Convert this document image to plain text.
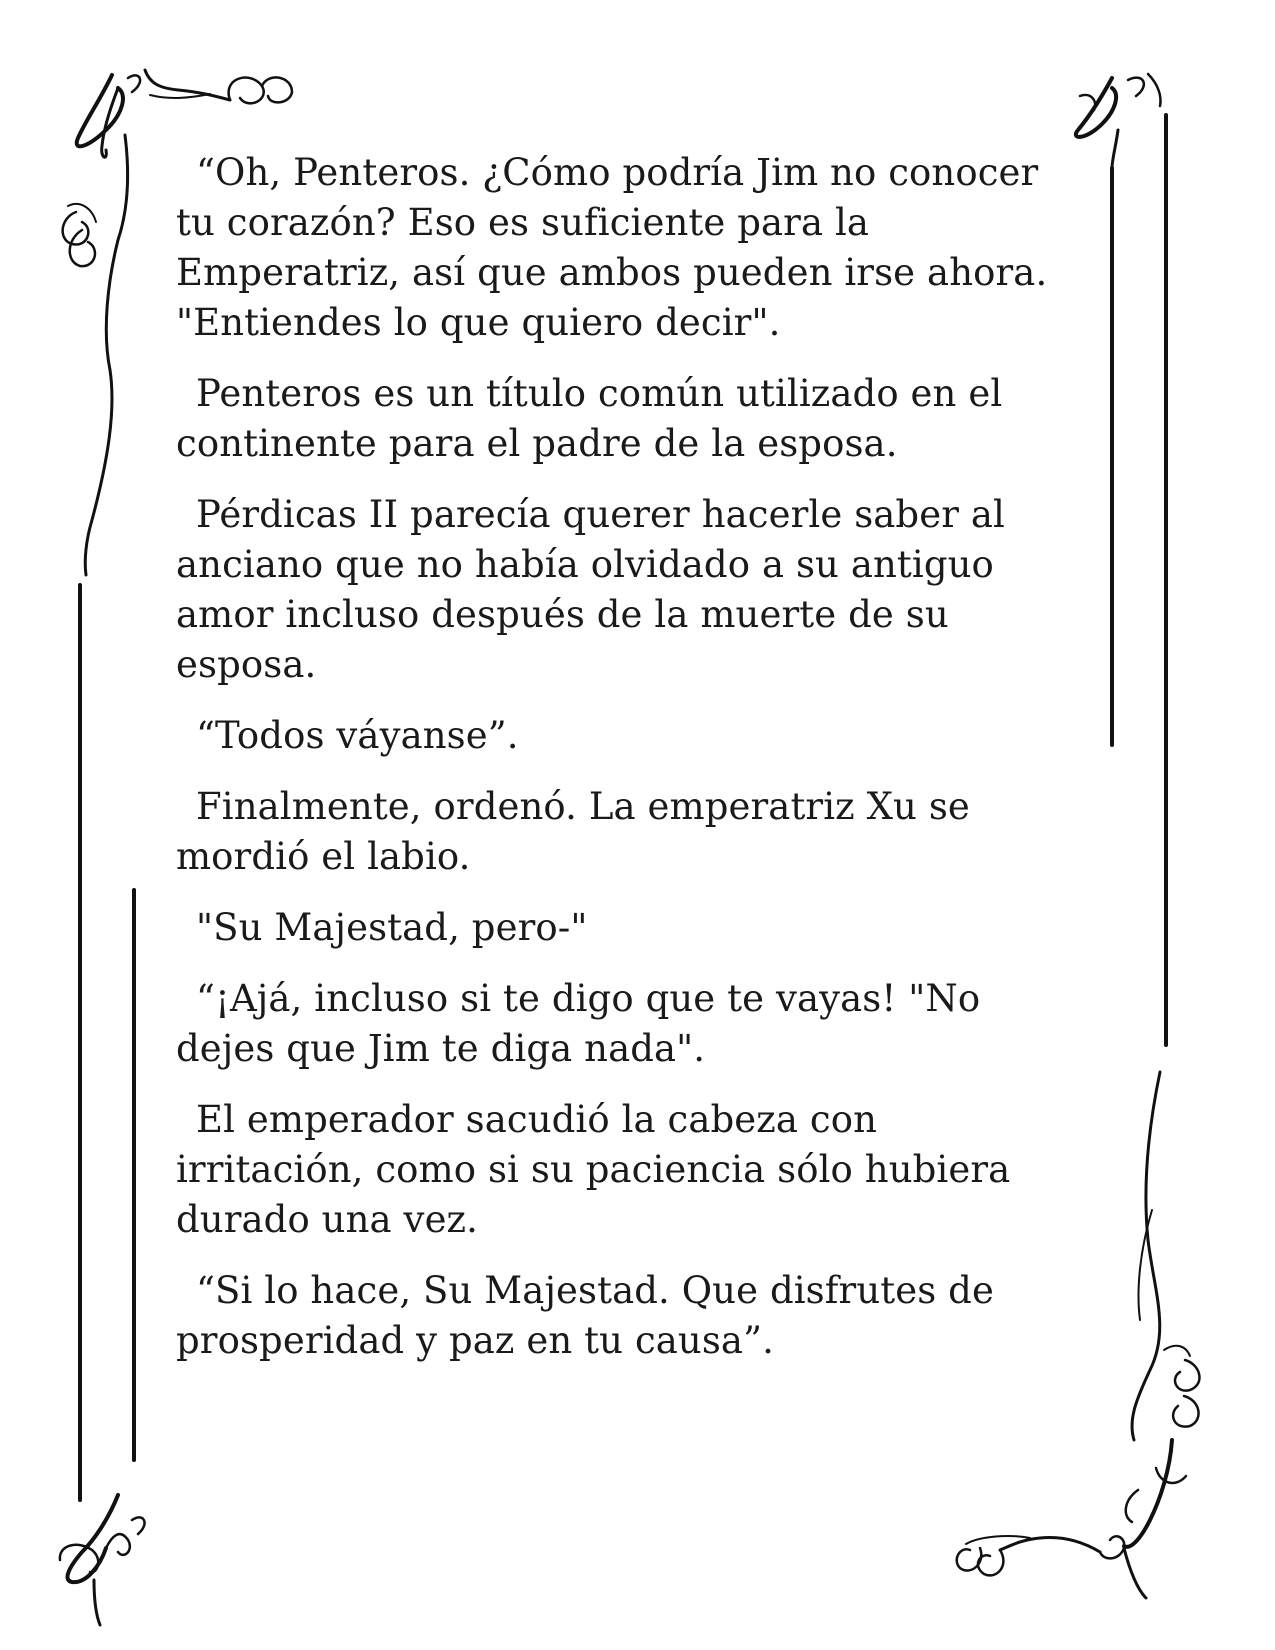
“Oh, Penteros. ¿Cómo podría Jim no conocer
tu corazón? Eso es suficiente para la
Emperatriz, así que ambos pueden irse ahora.
"Entiendes lo que quiero decir".

Penteros es un título común utilizado en el
continente para el padre de la esposa.

Pérdicas II parecía querer hacerle saber al
anciano que no había olvidado a su antiguo
amor incluso después de la muerte de su
esposa.

“Todos váyanse”.

Finalmente, ordenó. La emperatriz Xu se
mordió el labio.

"Su Majestad, pero-"

“¡Ajá, incluso si te digo que te vayas! "No
dejes que Jim te diga nada".

El emperador sacudió la cabeza con
irritación, como si su paciencia sólo hubiera
durado una vez.

“Si lo hace, Su Majestad. Que disfrutes de
prosperidad y paz en tu causa”.
